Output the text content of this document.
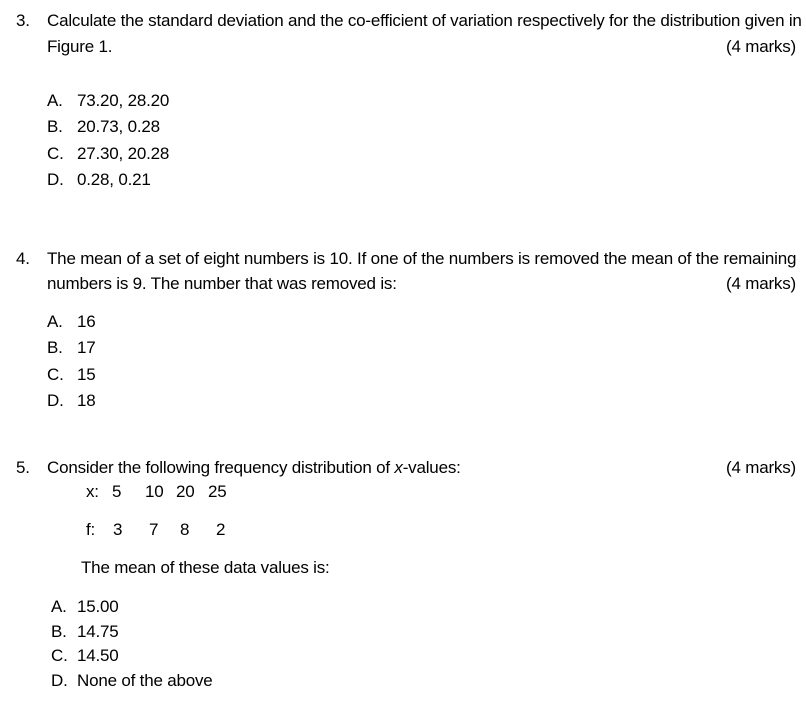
3. Calculate the standard deviation and the co-efficient of variation respectively for the distribution given in
Figure 1.	(4 marks)
A. 73.20, 28.20
B. 20.73, 0.28
C. 27.30, 20.28
D. 0.28, 0.21
4. The mean of a set of eight numbers is 10. If one of the numbers is removed the mean of the remaining
numbers is 9. The number that was removed is:	(4 marks)
A. 16
B. 17
C. 15
D. 18
5. Consider the following frequency distribution of x-values:	(4 marks)
x: 5 10 20 25
f: 3 7 8 2
The mean of these data values is:
A. 15.00
B. 14.75
C. 14.50
D. None of the above
